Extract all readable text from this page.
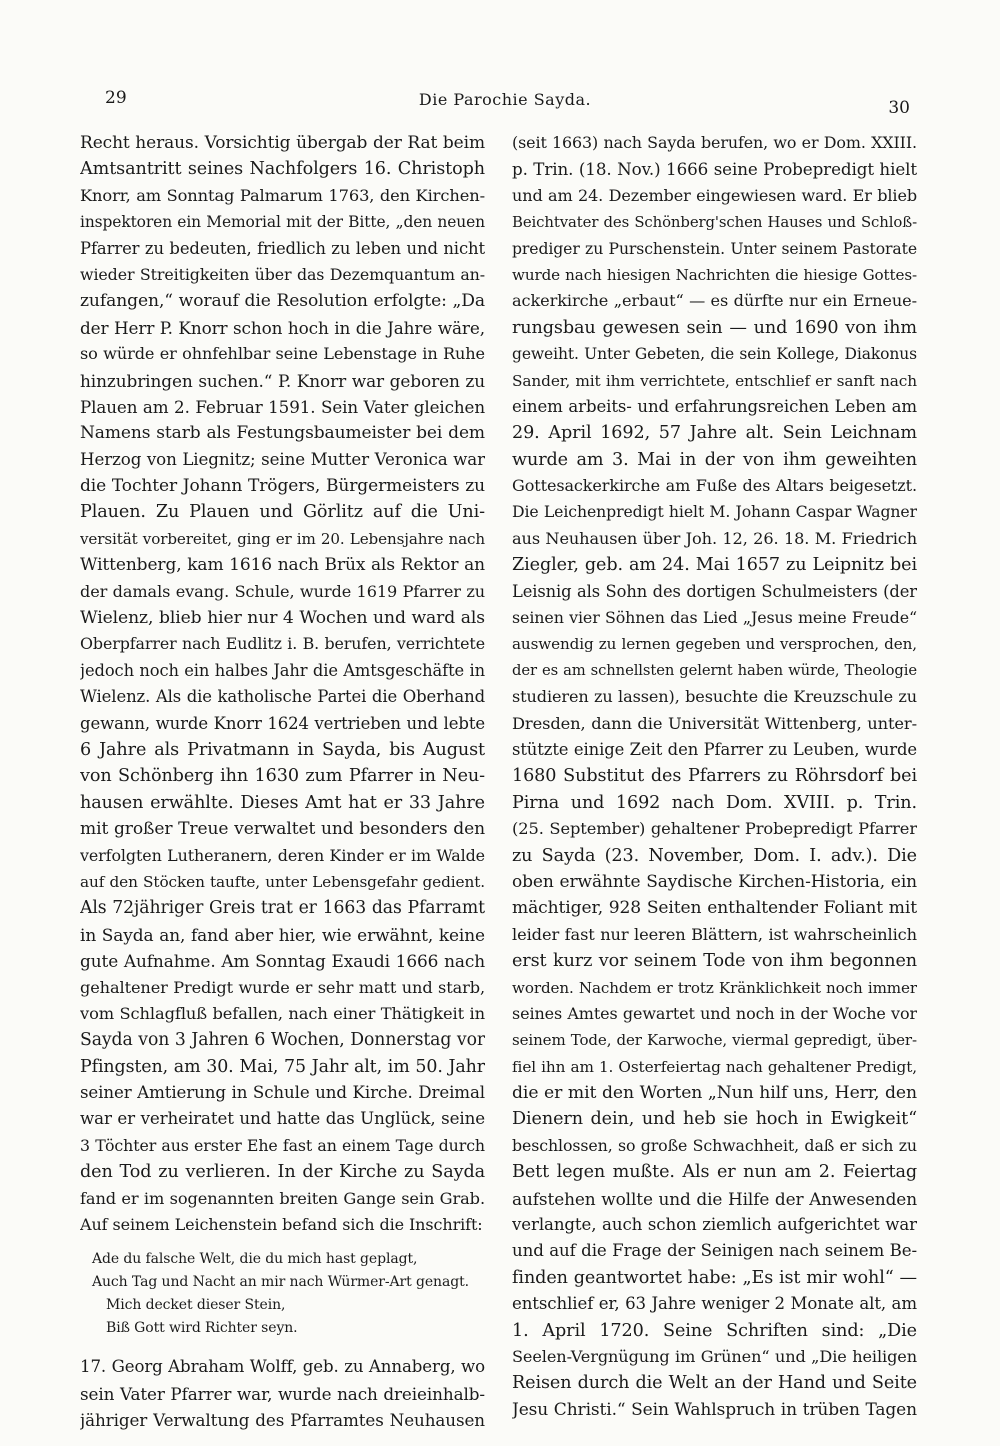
29	Die Parochie Sayda.	30
Recht heraus. Vorsichtig übergab der Rat beim
Amtsantritt seines Nachfolgers 16. Christoph
Knorr, am Sonntag Palmarum 1763, den Kirchen-
inspektoren ein Memorial mit der Bitte, „den neuen
Pfarrer zu bedeuten, friedlich zu leben und nicht
wieder Streitigkeiten über das Dezemquantum an-
zufangen,“ worauf die Resolution erfolgte: „Da
der Herr P. Knorr schon hoch in die Jahre wäre,
so würde er ohnfehlbar seine Lebenstage in Ruhe
hinzubringen suchen.“ P. Knorr war geboren zu
Plauen am 2. Februar 1591. Sein Vater gleichen
Namens starb als Festungsbaumeister bei dem
Herzog von Liegnitz; seine Mutter Veronica war
die Tochter Johann Trögers, Bürgermeisters zu
Plauen. Zu Plauen und Görlitz auf die Uni-
versität vorbereitet, ging er im 20. Lebensjahre nach
Wittenberg, kam 1616 nach Brüx als Rektor an
der damals evang. Schule, wurde 1619 Pfarrer zu
Wielenz, blieb hier nur 4 Wochen und ward als
Oberpfarrer nach Eudlitz i. B. berufen, verrichtete
jedoch noch ein halbes Jahr die Amtsgeschäfte in
Wielenz. Als die katholische Partei die Oberhand
gewann, wurde Knorr 1624 vertrieben und lebte
6 Jahre als Privatmann in Sayda, bis August
von Schönberg ihn 1630 zum Pfarrer in Neu-
hausen erwählte. Dieses Amt hat er 33 Jahre
mit großer Treue verwaltet und besonders den
verfolgten Lutheranern, deren Kinder er im Walde
auf den Stöcken taufte, unter Lebensgefahr gedient.
Als 72jähriger Greis trat er 1663 das Pfarramt
in Sayda an, fand aber hier, wie erwähnt, keine
gute Aufnahme. Am Sonntag Exaudi 1666 nach
gehaltener Predigt wurde er sehr matt und starb,
vom Schlagfluß befallen, nach einer Thätigkeit in
Sayda von 3 Jahren 6 Wochen, Donnerstag vor
Pfingsten, am 30. Mai, 75 Jahr alt, im 50. Jahr
seiner Amtierung in Schule und Kirche. Dreimal
war er verheiratet und hatte das Unglück, seine
3 Töchter aus erster Ehe fast an einem Tage durch
den Tod zu verlieren. In der Kirche zu Sayda
fand er im sogenannten breiten Gange sein Grab.
Auf seinem Leichenstein befand sich die Inschrift:
Ade du falsche Welt, die du mich hast geplagt,
Auch Tag und Nacht an mir nach Würmer-Art genagt.
Mich decket dieser Stein,
Biß Gott wird Richter seyn.
17. Georg Abraham Wolff, geb. zu Annaberg, wo
sein Vater Pfarrer war, wurde nach dreieinhalb-
jähriger Verwaltung des Pfarramtes Neuhausen
(seit 1663) nach Sayda berufen, wo er Dom. XXIII.
p. Trin. (18. Nov.) 1666 seine Probepredigt hielt
und am 24. Dezember eingewiesen ward. Er blieb
Beichtvater des Schönberg'schen Hauses und Schloß-
prediger zu Purschenstein. Unter seinem Pastorate
wurde nach hiesigen Nachrichten die hiesige Gottes-
ackerkirche „erbaut“ — es dürfte nur ein Erneue-
rungsbau gewesen sein — und 1690 von ihm
geweiht. Unter Gebeten, die sein Kollege, Diakonus
Sander, mit ihm verrichtete, entschlief er sanft nach
einem arbeits- und erfahrungsreichen Leben am
29. April 1692, 57 Jahre alt. Sein Leichnam
wurde am 3. Mai in der von ihm geweihten
Gottesackerkirche am Fuße des Altars beigesetzt.
Die Leichenpredigt hielt M. Johann Caspar Wagner
aus Neuhausen über Joh. 12, 26. 18. M. Friedrich
Ziegler, geb. am 24. Mai 1657 zu Leipnitz bei
Leisnig als Sohn des dortigen Schulmeisters (der
seinen vier Söhnen das Lied „Jesus meine Freude“
auswendig zu lernen gegeben und versprochen, den,
der es am schnellsten gelernt haben würde, Theologie
studieren zu lassen), besuchte die Kreuzschule zu
Dresden, dann die Universität Wittenberg, unter-
stützte einige Zeit den Pfarrer zu Leuben, wurde
1680 Substitut des Pfarrers zu Röhrsdorf bei
Pirna und 1692 nach Dom. XVIII. p. Trin.
(25. September) gehaltener Probepredigt Pfarrer
zu Sayda (23. November, Dom. I. adv.). Die
oben erwähnte Saydische Kirchen-Historia, ein
mächtiger, 928 Seiten enthaltender Foliant mit
leider fast nur leeren Blättern, ist wahrscheinlich
erst kurz vor seinem Tode von ihm begonnen
worden. Nachdem er trotz Kränklichkeit noch immer
seines Amtes gewartet und noch in der Woche vor
seinem Tode, der Karwoche, viermal gepredigt, über-
fiel ihn am 1. Osterfeiertag nach gehaltener Predigt,
die er mit den Worten „Nun hilf uns, Herr, den
Dienern dein, und heb sie hoch in Ewigkeit“
beschlossen, so große Schwachheit, daß er sich zu
Bett legen mußte. Als er nun am 2. Feiertag
aufstehen wollte und die Hilfe der Anwesenden
verlangte, auch schon ziemlich aufgerichtet war
und auf die Frage der Seinigen nach seinem Be-
finden geantwortet habe: „Es ist mir wohl“ —
entschlief er, 63 Jahre weniger 2 Monate alt, am
1. April 1720. Seine Schriften sind: „Die
Seelen-Vergnügung im Grünen“ und „Die heiligen
Reisen durch die Welt an der Hand und Seite
Jesu Christi.“ Sein Wahlspruch in trüben Tagen
